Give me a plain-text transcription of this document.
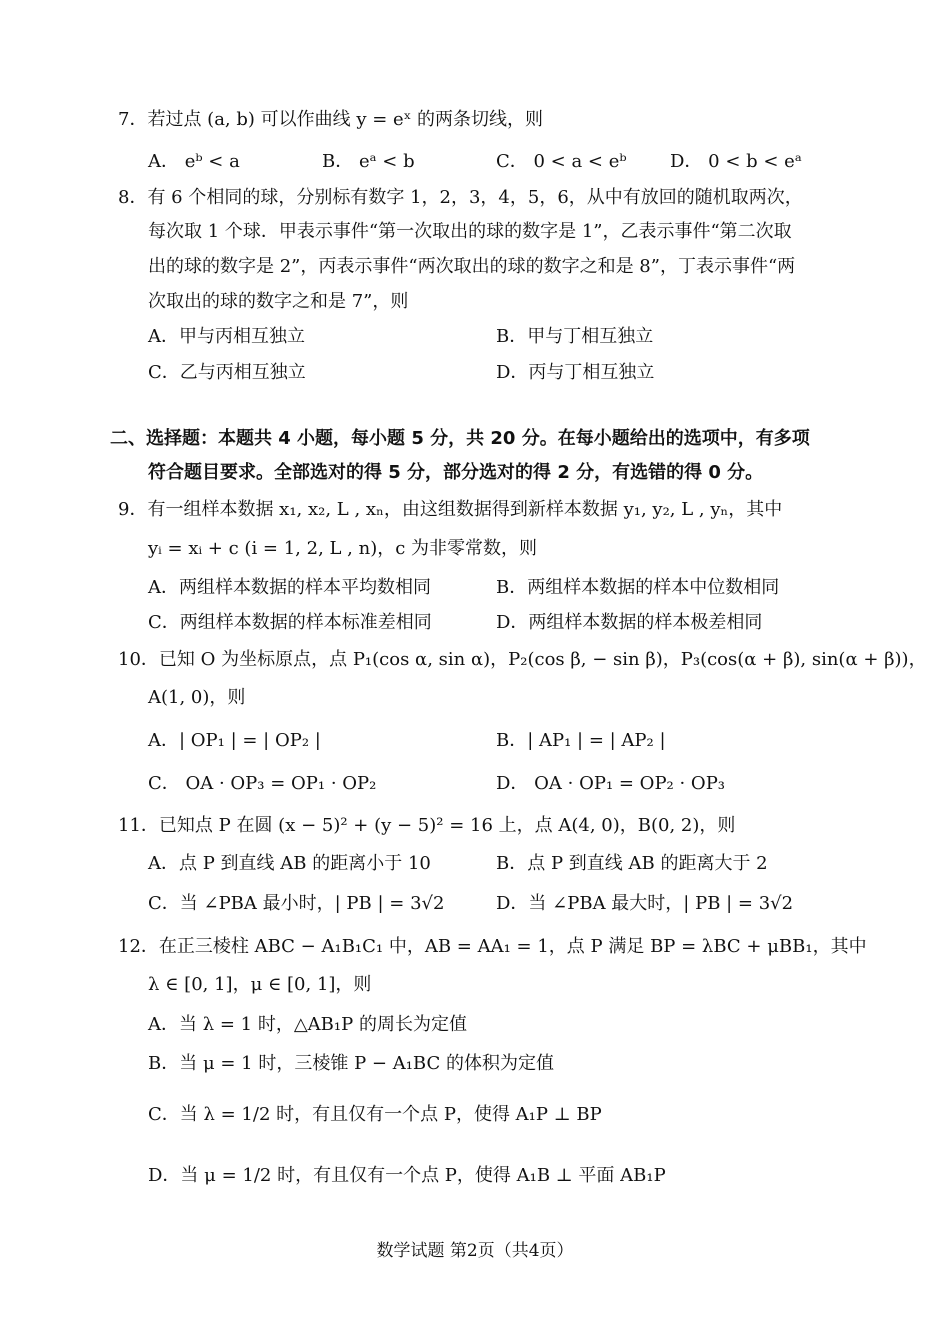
7．若过点 (a, b) 可以作曲线 y = eˣ 的两条切线，则
A． eᵇ < a	B． eᵃ < b	C． 0 < a < eᵇ D． 0 < b < eᵃ
8．有 6 个相同的球，分别标有数字 1，2，3，4，5，6，从中有放回的随机取两次，
每次取 1 个球．甲表示事件“第一次取出的球的数字是 1”，乙表示事件“第二次取
出的球的数字是 2”，丙表示事件“两次取出的球的数字之和是 8”，丁表示事件“两
次取出的球的数字之和是 7”，则
A．甲与丙相互独立	B．甲与丁相互独立
C．乙与丙相互独立	D．丙与丁相互独立
二、选择题：本题共 4 小题，每小题 5 分，共 20 分。在每小题给出的选项中，有多项
符合题目要求。全部选对的得 5 分，部分选对的得 2 分，有选错的得 0 分。
9．有一组样本数据 x₁, x₂, L , xₙ，由这组数据得到新样本数据 y₁, y₂, L , yₙ，其中
yᵢ = xᵢ + c (i = 1, 2, L , n)，c 为非零常数，则
A．两组样本数据的样本平均数相同	B．两组样本数据的样本中位数相同
C．两组样本数据的样本标准差相同	D．两组样本数据的样本极差相同
10．已知 O 为坐标原点，点 P₁(cos α, sin α)，P₂(cos β, − sin β)，P₃(cos(α + β), sin(α + β))，
A(1, 0)，则
A．| OP₁ | = | OP₂ |	B．| AP₁ | = | AP₂ |
C． OA · OP₃ = OP₁ · OP₂	D． OA · OP₁ = OP₂ · OP₃
11．已知点 P 在圆 (x − 5)² + (y − 5)² = 16 上，点 A(4, 0)，B(0, 2)，则
A．点 P 到直线 AB 的距离小于 10	B．点 P 到直线 AB 的距离大于 2
C．当 ∠PBA 最小时，| PB | = 3√2	D．当 ∠PBA 最大时，| PB | = 3√2
12．在正三棱柱 ABC − A₁B₁C₁ 中，AB = AA₁ = 1，点 P 满足 BP = λBC + μBB₁，其中
λ ∈ [0, 1]，μ ∈ [0, 1]，则
A．当 λ = 1 时，△AB₁P 的周长为定值
B．当 μ = 1 时，三棱锥 P − A₁BC 的体积为定值
C．当 λ = 1/2 时，有且仅有一个点 P，使得 A₁P ⊥ BP
D．当 μ = 1/2 时，有且仅有一个点 P，使得 A₁B ⊥ 平面 AB₁P
数学试题 第2页（共4页）
